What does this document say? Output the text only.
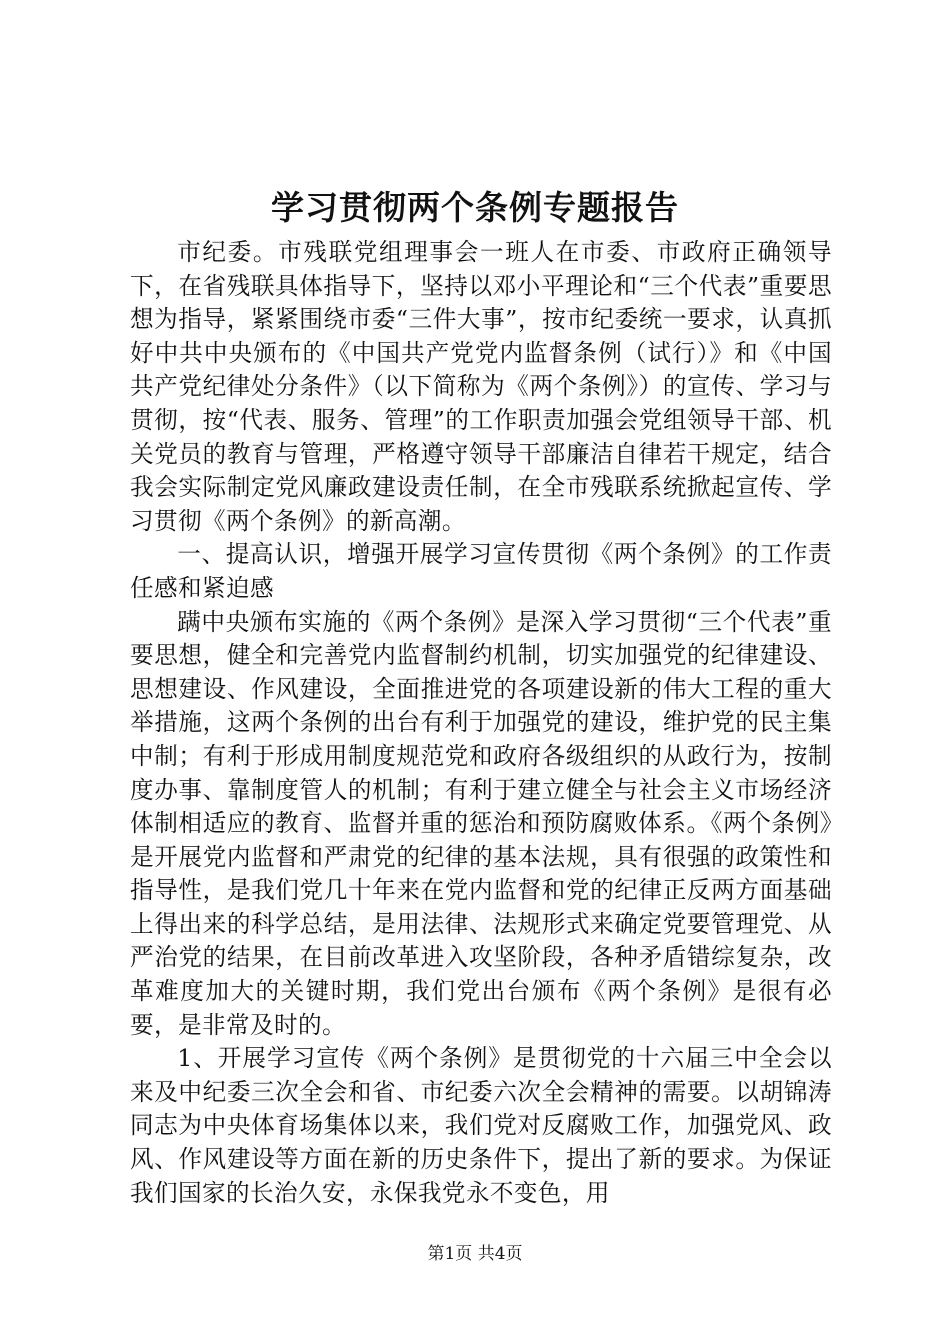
学习贯彻两个条例专题报告

市纪委。市残联党组理事会一班人在市委、市政府正确领导下，在省残联具体指导下，坚持以邓小平理论和“三个代表”重要思想为指导，紧紧围绕市委“三件大事”，按市纪委统一要求，认真抓好中共中央颁布的《中国共产党党内监督条例（试行）》和《中国共产党纪律处分条件》（以下简称为《两个条例》）的宣传、学习与贯彻，按“代表、服务、管理”的工作职责加强会党组领导干部、机关党员的教育与管理，严格遵守领导干部廉洁自律若干规定，结合我会实际制定党风廉政建设责任制，在全市残联系统掀起宣传、学习贯彻《两个条例》的新高潮。

一、提高认识，增强开展学习宣传贯彻《两个条例》的工作责任感和紧迫感

蹒中央颁布实施的《两个条例》是深入学习贯彻“三个代表”重要思想，健全和完善党内监督制约机制，切实加强党的纪律建设、思想建设、作风建设，全面推进党的各项建设新的伟大工程的重大举措施，这两个条例的出台有利于加强党的建设，维护党的民主集中制；有利于形成用制度规范党和政府各级组织的从政行为，按制度办事、靠制度管人的机制；有利于建立健全与社会主义市场经济体制相适应的教育、监督并重的惩治和预防腐败体系。《两个条例》是开展党内监督和严肃党的纪律的基本法规，具有很强的政策性和指导性，是我们党几十年来在党内监督和党的纪律正反两方面基础上得出来的科学总结，是用法律、法规形式来确定党要管理党、从严治党的结果，在目前改革进入攻坚阶段，各种矛盾错综复杂，改革难度加大的关键时期，我们党出台颁布《两个条例》是很有必要，是非常及时的。

1、开展学习宣传《两个条例》是贯彻党的十六届三中全会以来及中纪委三次全会和省、市纪委六次全会精神的需要。以胡锦涛同志为中央体育场集体以来，我们党对反腐败工作，加强党风、政风、作风建设等方面在新的历史条件下，提出了新的要求。为保证我们国家的长治久安，永保我党永不变色，用

第1页 共4页
